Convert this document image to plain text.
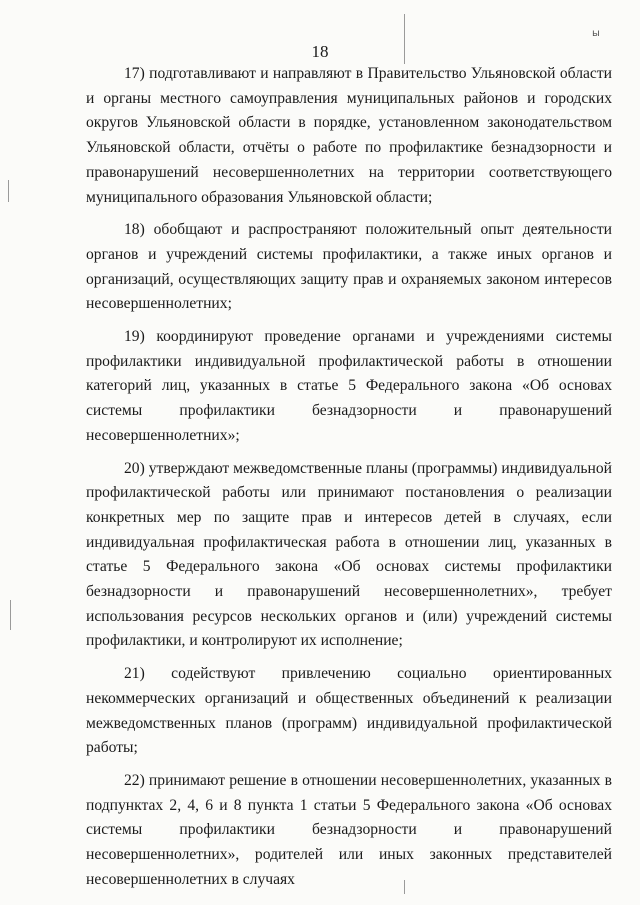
ы
18

17) подготавливают и направляют в Правительство Ульяновской области и органы местного самоуправления муниципальных районов и городских округов Ульяновской области в порядке, установленном законодательством Ульяновской области, отчёты о работе по профилактике безнадзорности и правонарушений несовершеннолетних на территории соответствующего муниципального образования Ульяновской области;

18) обобщают и распространяют положительный опыт деятельности органов и учреждений системы профилактики, а также иных органов и организаций, осуществляющих защиту прав и охраняемых законом интересов несовершеннолетних;

19) координируют проведение органами и учреждениями системы профилактики индивидуальной профилактической работы в отношении категорий лиц, указанных в статье 5 Федерального закона «Об основах системы профилактики безнадзорности и правонарушений несовершеннолетних»;

20) утверждают межведомственные планы (программы) индивидуальной профилактической работы или принимают постановления о реализации конкретных мер по защите прав и интересов детей в случаях, если индивидуальная профилактическая работа в отношении лиц, указанных в статье 5 Федерального закона «Об основах системы профилактики безнадзорности и правонарушений несовершеннолетних», требует использования ресурсов нескольких органов и (или) учреждений системы профилактики, и контролируют их исполнение;

21) содействуют привлечению социально ориентированных некоммерческих организаций и общественных объединений к реализации межведомственных планов (программ) индивидуальной профилактической работы;

22) принимают решение в отношении несовершеннолетних, указанных в подпунктах 2, 4, 6 и 8 пункта 1 статьи 5 Федерального закона «Об основах системы профилактики безнадзорности и правонарушений несовершеннолетних», родителей или иных законных представителей несовершеннолетних в случаях
